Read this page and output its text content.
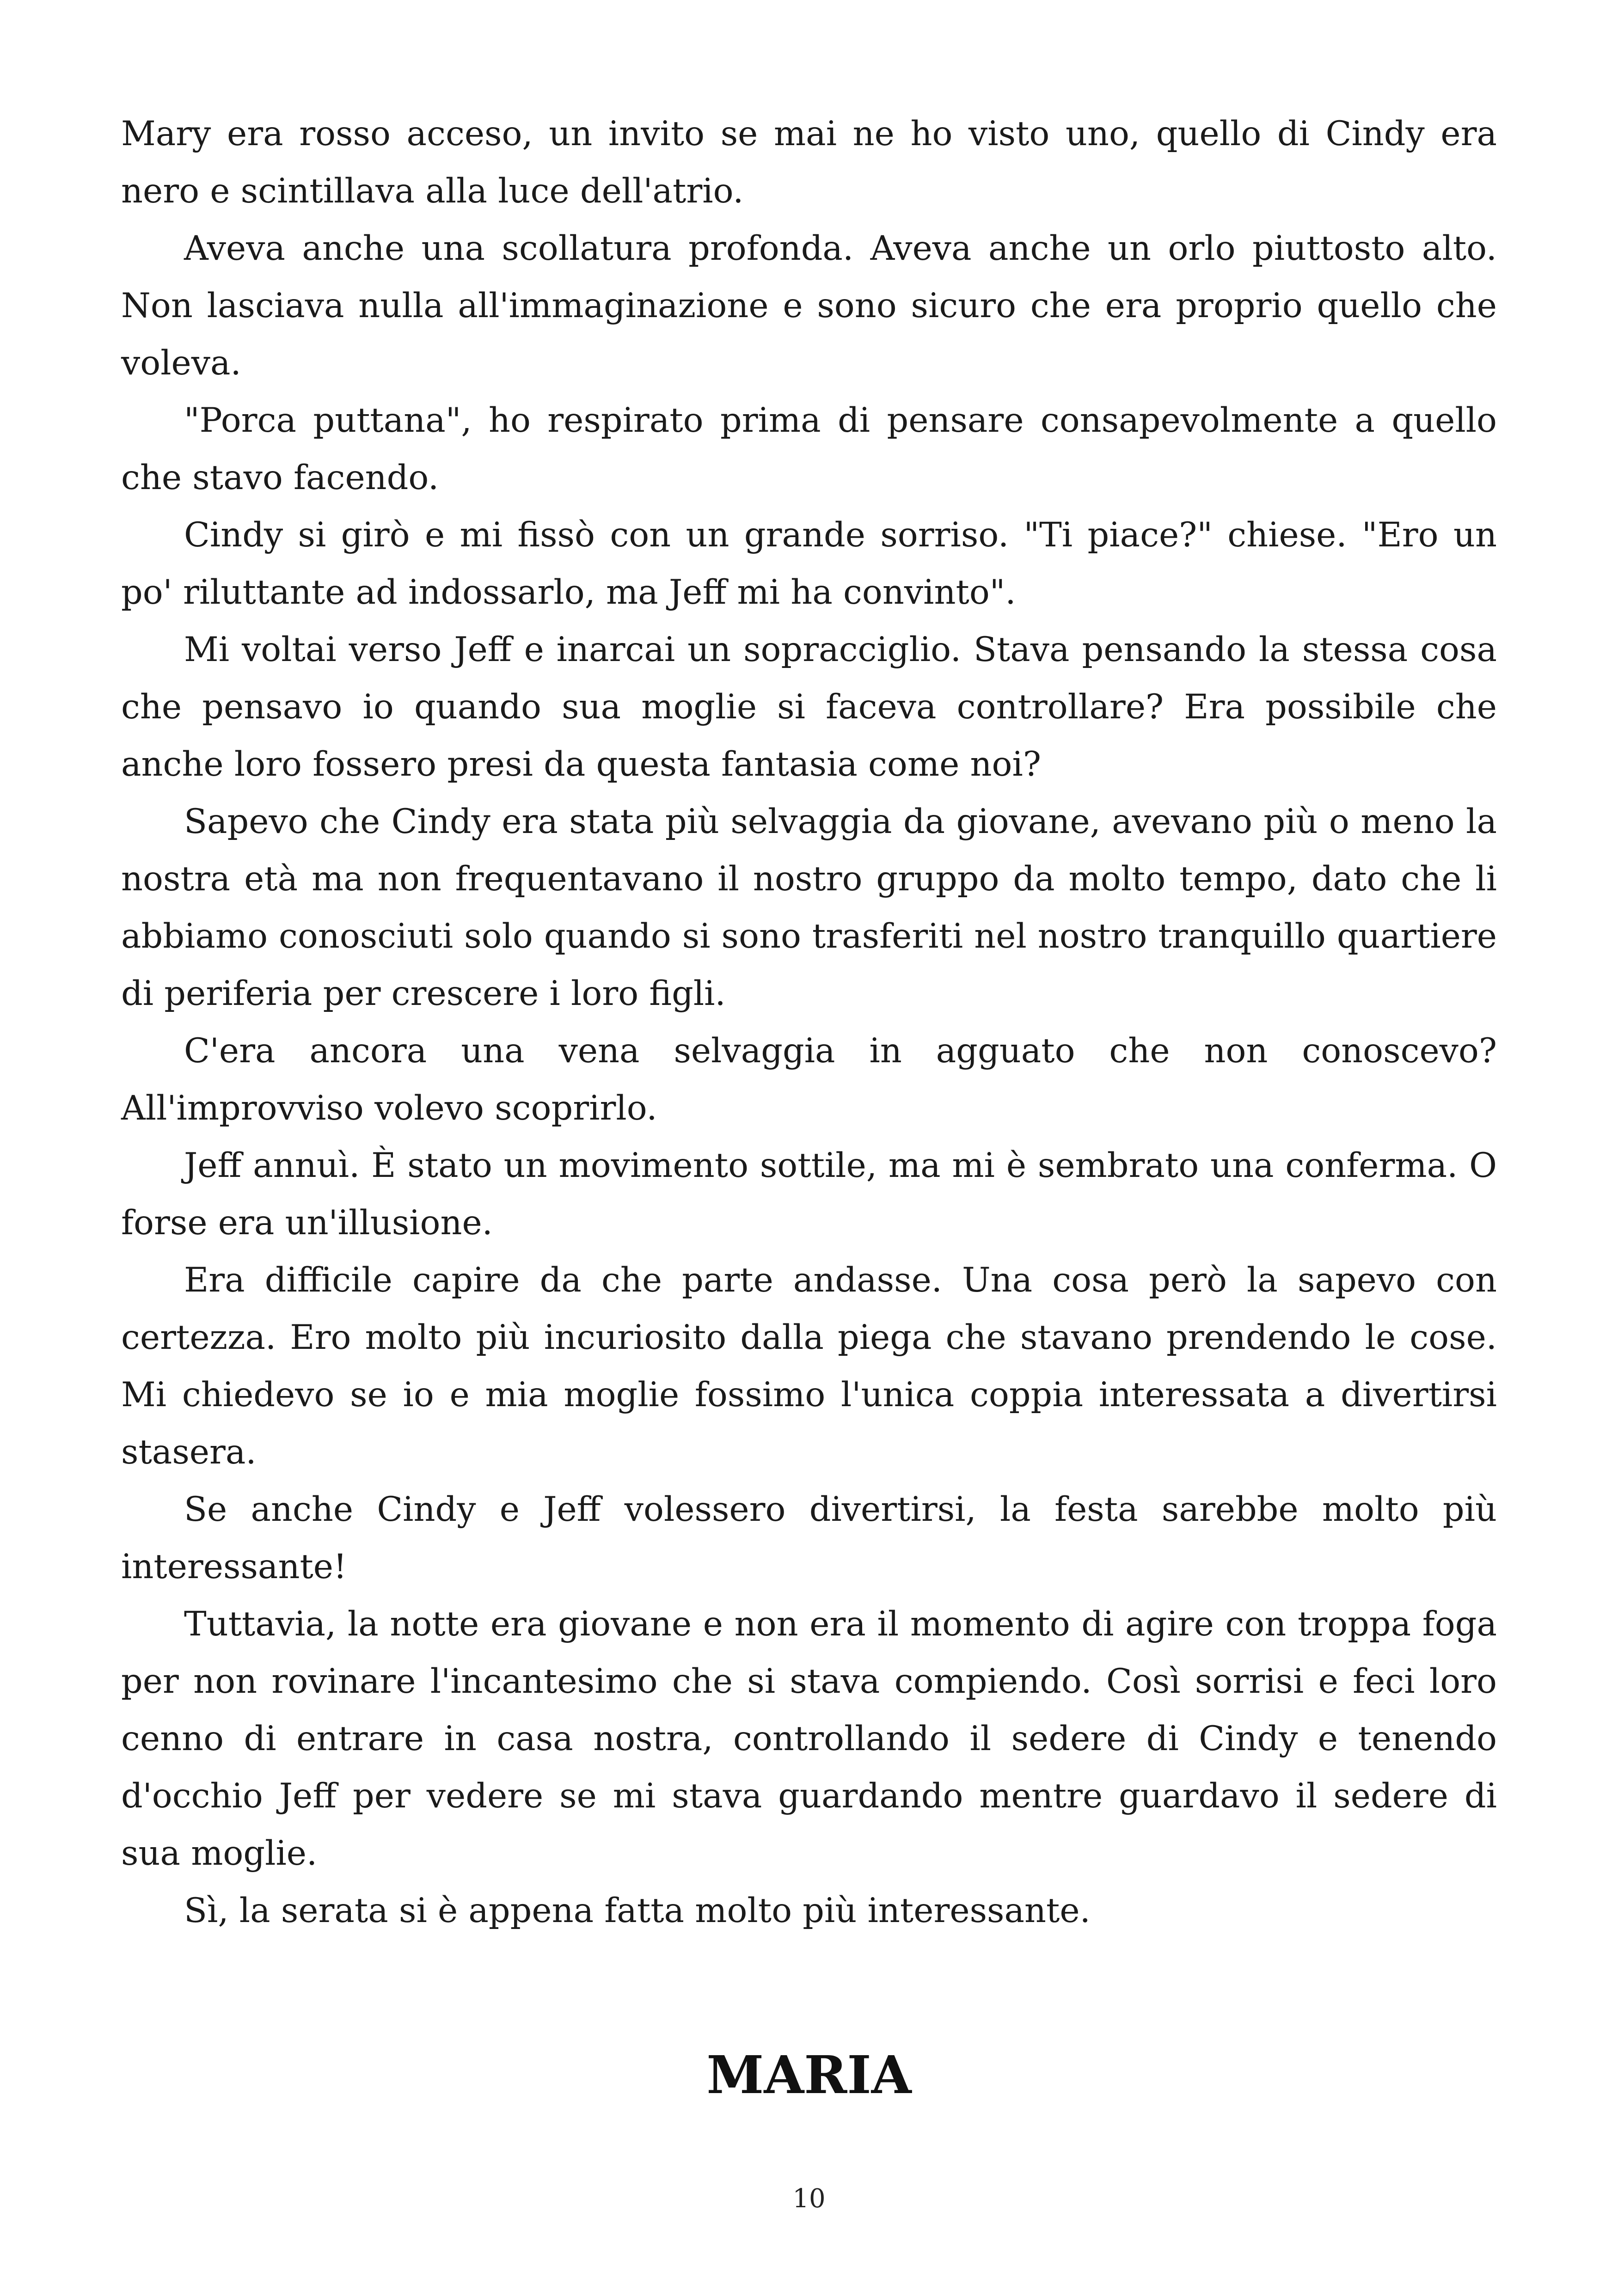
Mary era rosso acceso, un invito se mai ne ho visto uno, quello di Cindy era nero e scintillava alla luce dell'atrio.

Aveva anche una scollatura profonda. Aveva anche un orlo piuttosto alto. Non lasciava nulla all'immaginazione e sono sicuro che era proprio quello che voleva.

"Porca puttana", ho respirato prima di pensare consapevolmente a quello che stavo facendo.

Cindy si girò e mi fissò con un grande sorriso. "Ti piace?" chiese. "Ero un po' riluttante ad indossarlo, ma Jeff mi ha convinto".

Mi voltai verso Jeff e inarcai un sopracciglio. Stava pensando la stessa cosa che pensavo io quando sua moglie si faceva controllare? Era possibile che anche loro fossero presi da questa fantasia come noi?

Sapevo che Cindy era stata più selvaggia da giovane, avevano più o meno la nostra età ma non frequentavano il nostro gruppo da molto tempo, dato che li abbiamo conosciuti solo quando si sono trasferiti nel nostro tranquillo quartiere di periferia per crescere i loro figli.

C'era ancora una vena selvaggia in agguato che non conoscevo? All'improvviso volevo scoprirlo.

Jeff annuì. È stato un movimento sottile, ma mi è sembrato una conferma. O forse era un'illusione.

Era difficile capire da che parte andasse. Una cosa però la sapevo con certezza. Ero molto più incuriosito dalla piega che stavano prendendo le cose. Mi chiedevo se io e mia moglie fossimo l'unica coppia interessata a divertirsi stasera.

Se anche Cindy e Jeff volessero divertirsi, la festa sarebbe molto più interessante!

Tuttavia, la notte era giovane e non era il momento di agire con troppa foga per non rovinare l'incantesimo che si stava compiendo. Così sorrisi e feci loro cenno di entrare in casa nostra, controllando il sedere di Cindy e tenendo d'occhio Jeff per vedere se mi stava guardando mentre guardavo il sedere di sua moglie.

Sì, la serata si è appena fatta molto più interessante.

MARIA
10
